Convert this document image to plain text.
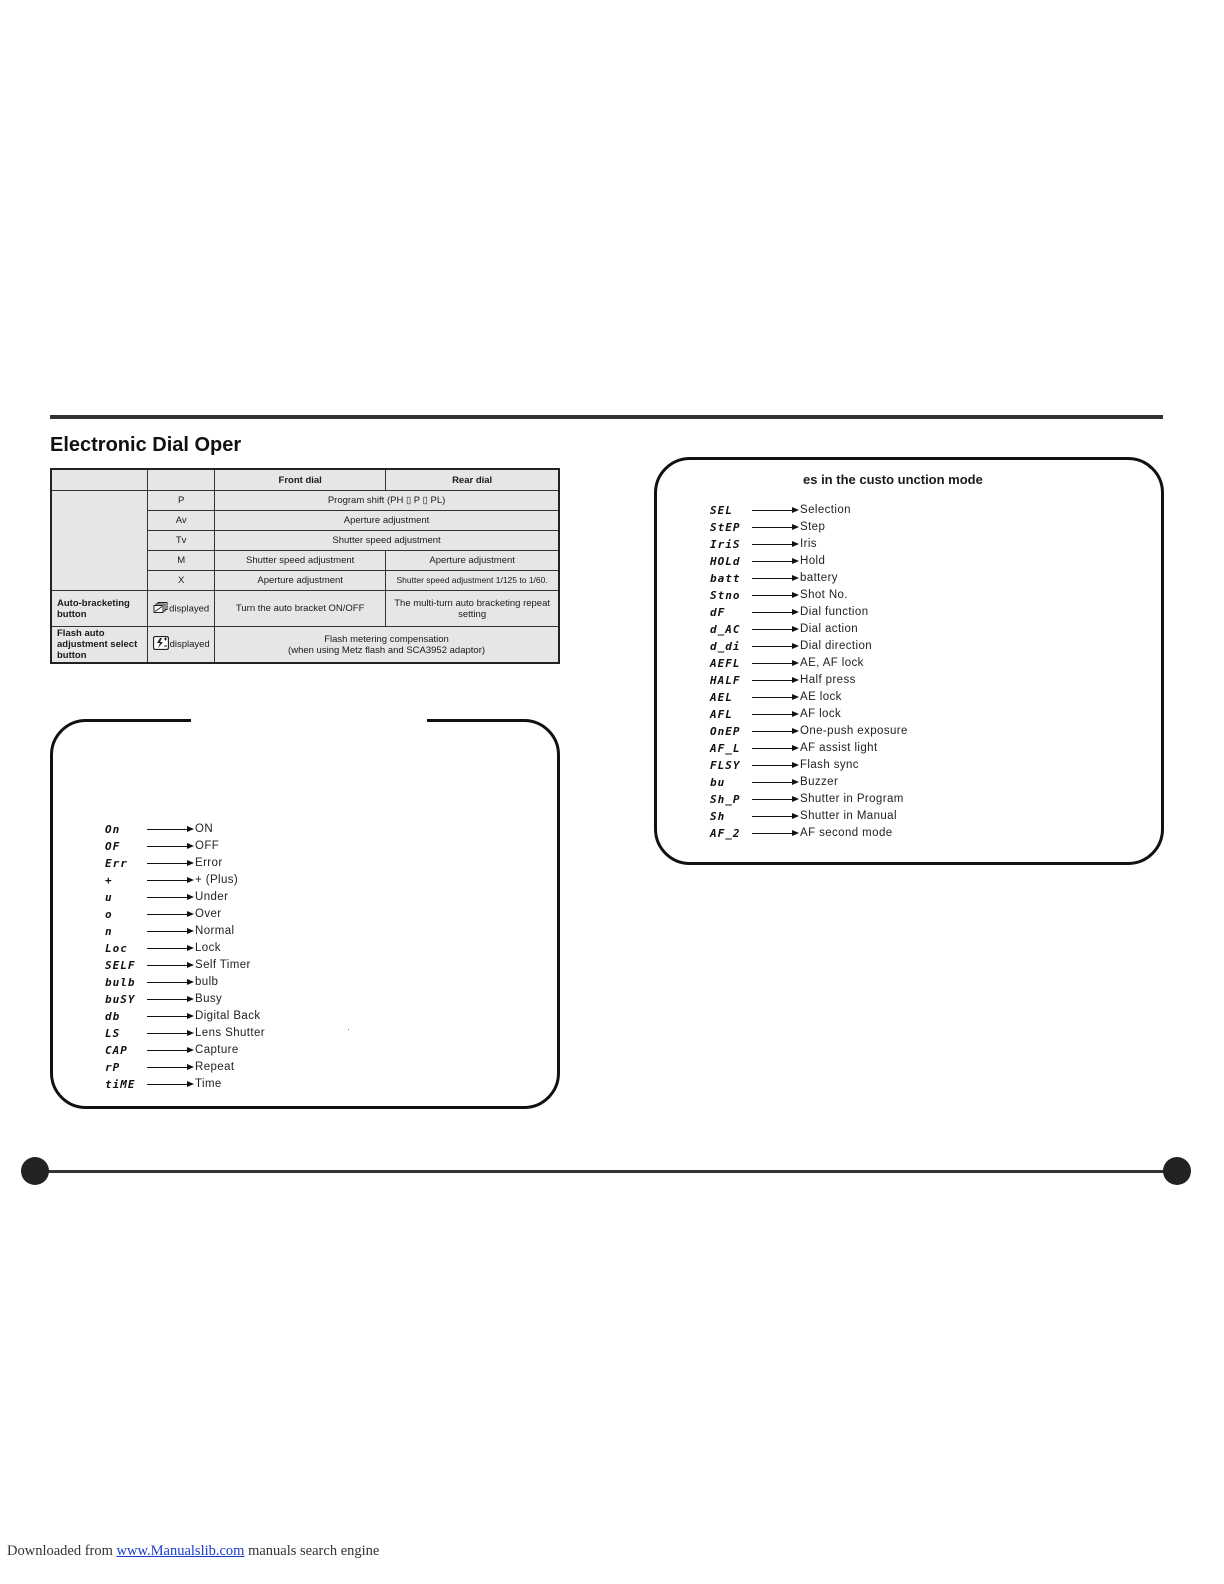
Electronic Dial Oper
		Front dial	Rear dial
	P	Program shift (PH ▯ P ▯ PL)	
	Av	Aperture adjustment	
	Tv	Shutter speed adjustment	
	M	Shutter speed adjustment	Aperture adjustment
	X	Aperture adjustment	Shutter speed adjustment 1/125 to 1/60.
Auto-bracketing button	displayed	Turn the auto bracket ON/OFF	The multi-turn auto bracketing repeat setting
Flash auto adjustment select button	displayed	Flash metering compensation
(when using Metz flash and SCA3952 adaptor)	
On	ON
OF	OFF
Err	Error
+	+ (Plus)
u	Under
o	Over
n	Normal
Loc	Lock
SELF	Self Timer
bulb	bulb
buSY	Busy
db	Digital Back
LS	Lens Shutter
CAP	Capture
rP	Repeat
tiME	Time
es in the custo unction mode
SEL	Selection
StEP	Step
IriS	Iris
HOLd	Hold
batt	battery
Stno	Shot No.
dF	Dial function
d_AC	Dial action
d_di	Dial direction
AEFL	AE, AF lock
HALF	Half press
AEL	AE lock
AFL	AF lock
OnEP	One-push exposure
AF_L	AF assist light
FLSY	Flash sync
bu	Buzzer
Sh_P	Shutter in Program
Sh	Shutter in Manual
AF_2	AF second mode
Downloaded from www.Manualslib.com manuals search engine
